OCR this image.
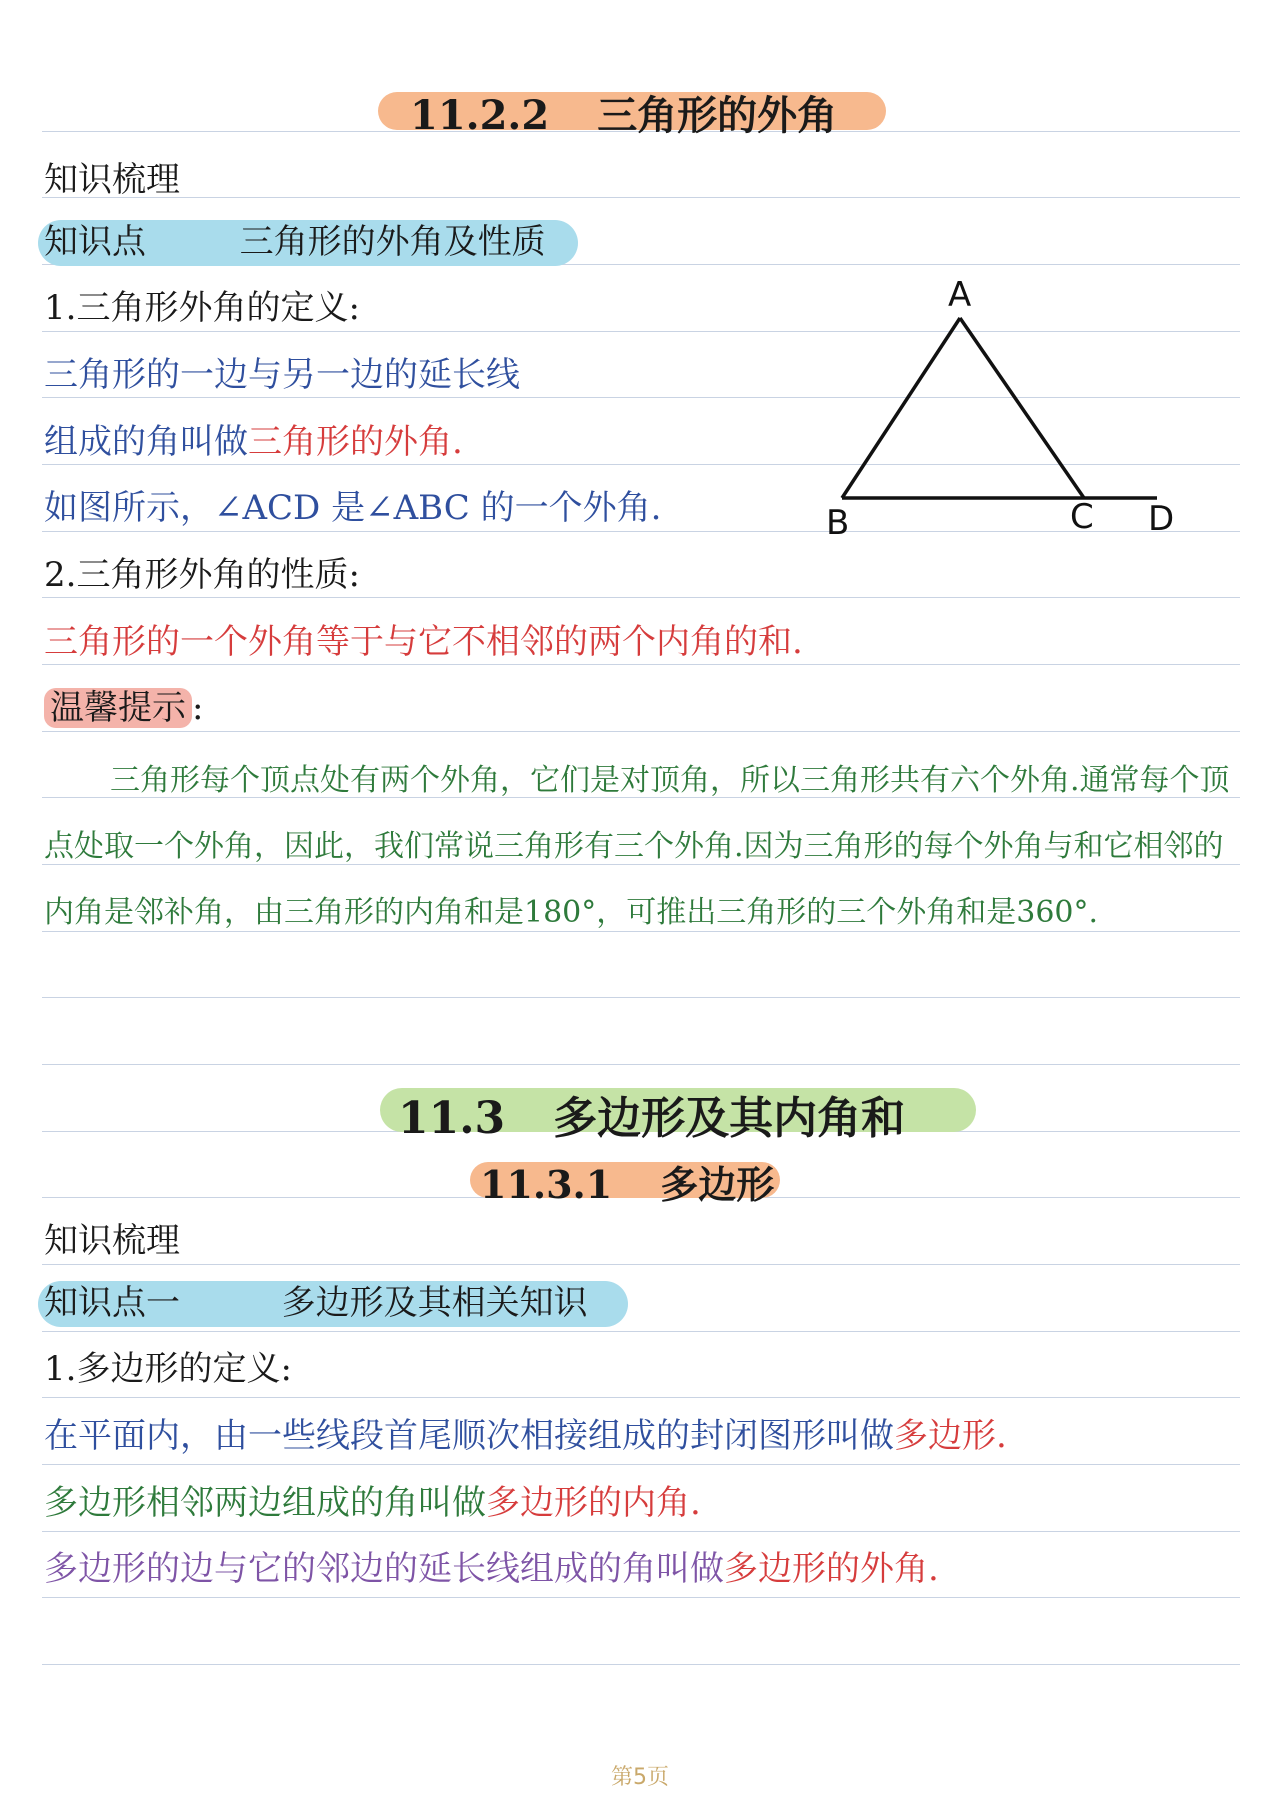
11.2.2 三角形的外角
知识梳理
知识点	三角形的外角及性质
1.三角形外角的定义:
三角形的一边与另一边的延长线
组成的角叫做三角形的外角.
如图所示，∠ACD 是∠ABC 的一个外角.
2.三角形外角的性质:
三角形的一个外角等于与它不相邻的两个内角的和.
温馨提示 :
三角形每个顶点处有两个外角，它们是对顶角，所以三角形共有六个外角.通常每个顶点处取一个外角，因此，我们常说三角形有三个外角.因为三角形的每个外角与和它相邻的内角是邻补角，由三角形的内角和是180°，可推出三角形的三个外角和是360°.
A
B	C D
11.3 多边形及其内角和
11.3.1 多边形
知识梳理
知识点一	多边形及其相关知识
1.多边形的定义:
在平面内，由一些线段首尾顺次相接组成的封闭图形叫做多边形.
多边形相邻两边组成的角叫做多边形的内角.
多边形的边与它的邻边的延长线组成的角叫做多边形的外角.
第5页
